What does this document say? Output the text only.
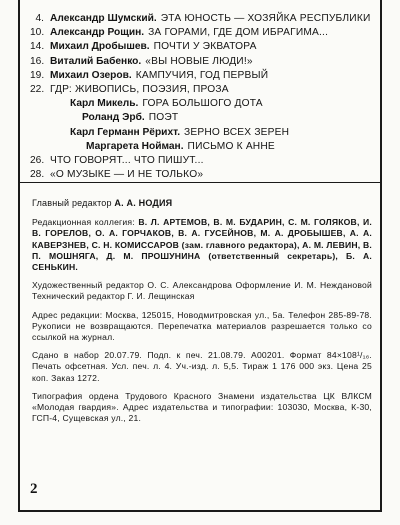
4. Александр Шумский. ЭТА ЮНОСТЬ — ХОЗЯЙКА РЕСПУБЛИКИ
10. Александр Рощин. ЗА ГОРАМИ, ГДЕ ДОМ ИБРАГИМА...
14. Михаил Дробышев. ПОЧТИ У ЭКВАТОРА
16. Виталий Бабенко. «ВЫ НОВЫЕ ЛЮДИ!»
19. Михаил Озеров. КАМПУЧИЯ, ГОД ПЕРВЫЙ
22. ГДР: ЖИВОПИСЬ, ПОЭЗИЯ, ПРОЗА
Карл Микель. ГОРА БОЛЬШОГО ДОТА
Роланд Эрб. ПОЭТ
Карл Германн Рёрихт. ЗЕРНО ВСЕХ ЗЕРЕН
Маргарета Нойман. ПИСЬМО К АННЕ
26. ЧТО ГОВОРЯТ... ЧТО ПИШУТ...
28. «О МУЗЫКЕ — И НЕ ТОЛЬКО»

Главный редактор А. А. НОДИЯ

Редакционная коллегия: В. Л. АРТЕМОВ, В. М. БУДАРИН, С. М. ГОЛЯКОВ, И. В. ГОРЕЛОВ, О. А. ГОРЧАКОВ, В. А. ГУСЕЙНОВ, М. А. ДРОБЫШЕВ, А. А. КАВЕРЗНЕВ, С. Н. КОМИССАРОВ (зам. главного редактора), А. М. ЛЕВИН, В. П. МОШНЯГА, Д. М. ПРОШУНИНА (ответственный секретарь), Б. А. СЕНЬКИН.

Художественный редактор О. С. Александрова Оформление И. М. Неждановой Технический редактор Г. И. Лещинская

Адрес редакции: Москва, 125015, Новодмитровская ул., 5а. Телефон 285-89-78. Рукописи не возвращаются. Перепечатка материалов разрешается только со ссылкой на журнал.

Сдано в набор 20.07.79. Подп. к печ. 21.08.79. А00201. Формат 84×108¹/₁₆. Печать офсетная. Усл. печ. л. 4. Уч.-изд. л. 5,5. Тираж 1 176 000 экз. Цена 25 коп. Заказ 1272.

Типография ордена Трудового Красного Знамени издательства ЦК ВЛКСМ «Молодая гвардия». Адрес издательства и типографии: 103030, Москва, К-30, ГСП-4, Сущевская ул., 21.

2
